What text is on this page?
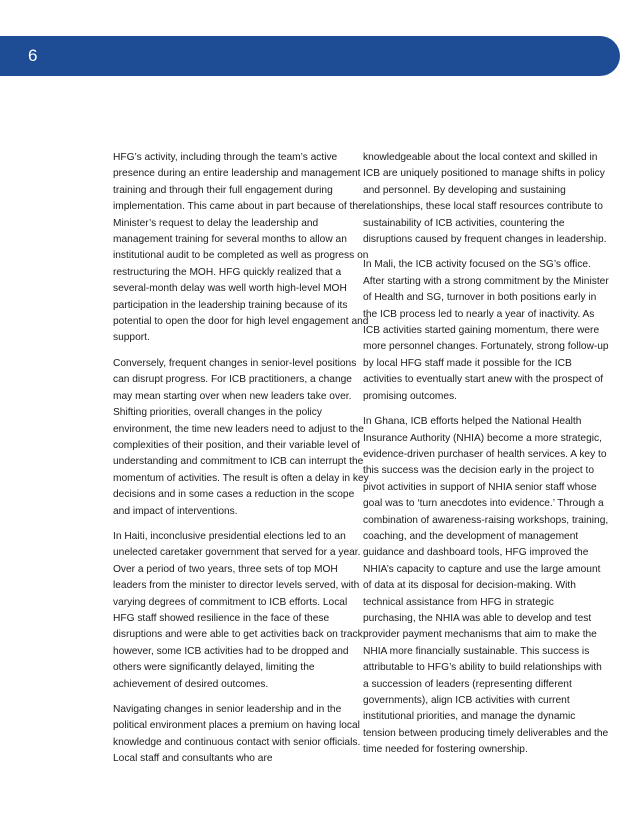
6

HFG’s activity, including through the team’s active presence during an entire leadership and management training and through their full engagement during implementation. This came about in part because of the Minister’s request to delay the leadership and management training for several months to allow an institutional audit to be completed as well as progress on restructuring the MOH. HFG quickly realized that a several-month delay was well worth high-level MOH participation in the leadership training because of its potential to open the door for high level engagement and support.

Conversely, frequent changes in senior-level positions can disrupt progress. For ICB practitioners, a change may mean starting over when new leaders take over. Shifting priorities, overall changes in the policy environment, the time new leaders need to adjust to the complexities of their position, and their variable level of understanding and commitment to ICB can interrupt the momentum of activities. The result is often a delay in key decisions and in some cases a reduction in the scope and impact of interventions.

In Haiti, inconclusive presidential elections led to an unelected caretaker government that served for a year. Over a period of two years, three sets of top MOH leaders from the minister to director levels served, with varying degrees of commitment to ICB efforts. Local HFG staff showed resilience in the face of these disruptions and were able to get activities back on track; however, some ICB activities had to be dropped and others were significantly delayed, limiting the achievement of desired outcomes.

Navigating changes in senior leadership and in the political environment places a premium on having local knowledge and continuous contact with senior officials. Local staff and consultants who are

knowledgeable about the local context and skilled in ICB are uniquely positioned to manage shifts in policy and personnel. By developing and sustaining relationships, these local staff resources contribute to sustainability of ICB activities, countering the disruptions caused by frequent changes in leadership.

In Mali, the ICB activity focused on the SG’s office. After starting with a strong commitment by the Minister of Health and SG, turnover in both positions early in the ICB process led to nearly a year of inactivity. As ICB activities started gaining momentum, there were more personnel changes. Fortunately, strong follow-up by local HFG staff made it possible for the ICB activities to eventually start anew with the prospect of promising outcomes.

In Ghana, ICB efforts helped the National Health Insurance Authority (NHIA) become a more strategic, evidence-driven purchaser of health services. A key to this success was the decision early in the project to pivot activities in support of NHIA senior staff whose goal was to ‘turn anecdotes into evidence.’ Through a combination of awareness-raising workshops, training, coaching, and the development of management guidance and dashboard tools, HFG improved the NHIA’s capacity to capture and use the large amount of data at its disposal for decision-making. With technical assistance from HFG in strategic purchasing, the NHIA was able to develop and test provider payment mechanisms that aim to make the NHIA more financially sustainable. This success is attributable to HFG’s ability to build relationships with a succession of leaders (representing different governments), align ICB activities with current institutional priorities, and manage the dynamic tension between producing timely deliverables and the time needed for fostering ownership.
